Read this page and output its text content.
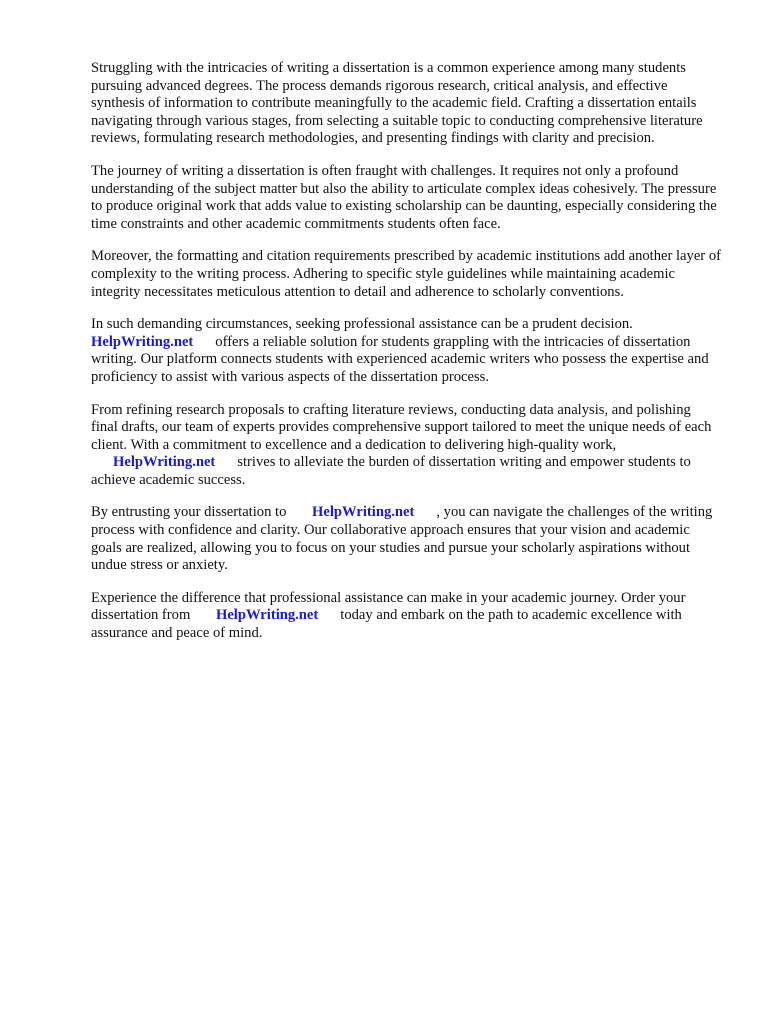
Struggling with the intricacies of writing a dissertation is a common experience among many students pursuing advanced degrees. The process demands rigorous research, critical analysis, and effective synthesis of information to contribute meaningfully to the academic field. Crafting a dissertation entails navigating through various stages, from selecting a suitable topic to conducting comprehensive literature reviews, formulating research methodologies, and presenting findings with clarity and precision.

The journey of writing a dissertation is often fraught with challenges. It requires not only a profound understanding of the subject matter but also the ability to articulate complex ideas cohesively. The pressure to produce original work that adds value to existing scholarship can be daunting, especially considering the time constraints and other academic commitments students often face.

Moreover, the formatting and citation requirements prescribed by academic institutions add another layer of complexity to the writing process. Adhering to specific style guidelines while maintaining academic integrity necessitates meticulous attention to detail and adherence to scholarly conventions.

In such demanding circumstances, seeking professional assistance can be a prudent decision.
HelpWriting.net offers a reliable solution for students grappling with the intricacies of dissertation writing. Our platform connects students with experienced academic writers who possess the expertise and proficiency to assist with various aspects of the dissertation process.

From refining research proposals to crafting literature reviews, conducting data analysis, and polishing final drafts, our team of experts provides comprehensive support tailored to meet the unique needs of each client. With a commitment to excellence and a dedication to delivering high-quality work, HelpWriting.net strives to alleviate the burden of dissertation writing and empower students to achieve academic success.

By entrusting your dissertation to HelpWriting.net , you can navigate the challenges of the writing process with confidence and clarity. Our collaborative approach ensures that your vision and academic goals are realized, allowing you to focus on your studies and pursue your scholarly aspirations without undue stress or anxiety.

Experience the difference that professional assistance can make in your academic journey. Order your dissertation from HelpWriting.net today and embark on the path to academic excellence with assurance and peace of mind.
